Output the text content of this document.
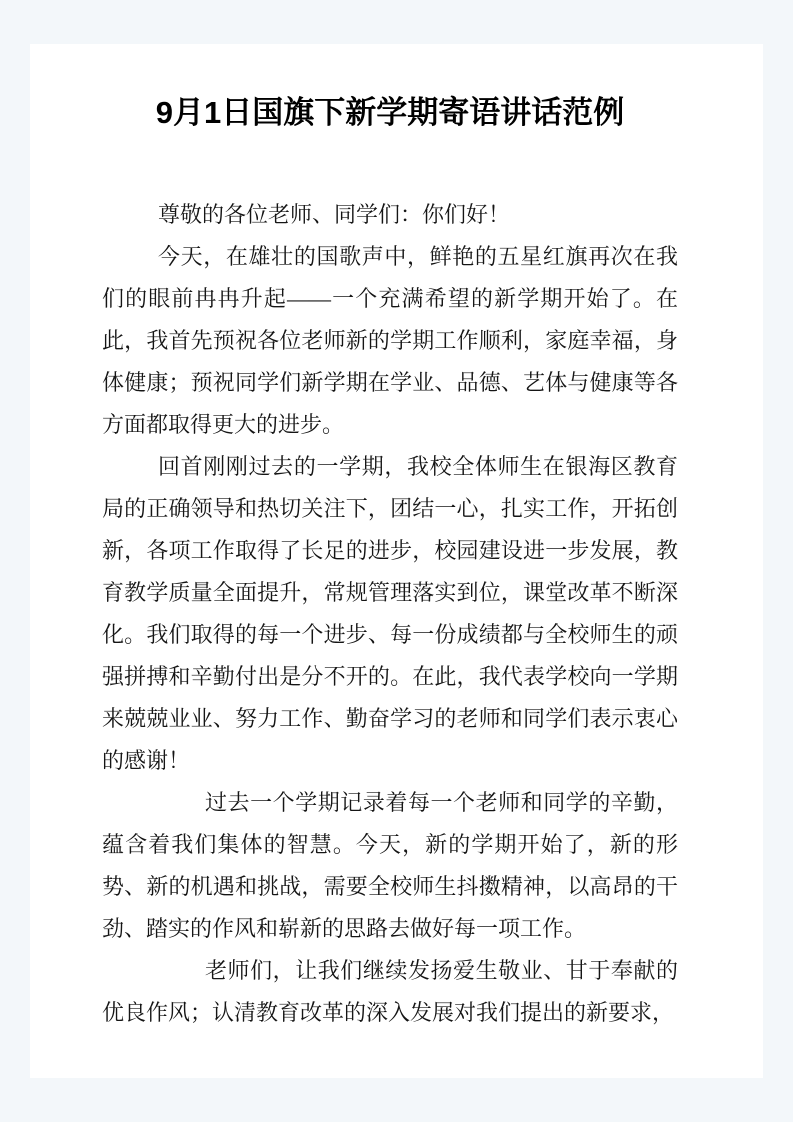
9月1日国旗下新学期寄语讲话范例

尊敬的各位老师、同学们：你们好！

今天，在雄壮的国歌声中，鲜艳的五星红旗再次在我们的眼前冉冉升起——一个充满希望的新学期开始了。在此，我首先预祝各位老师新的学期工作顺利，家庭幸福，身体健康；预祝同学们新学期在学业、品德、艺体与健康等各方面都取得更大的进步。

回首刚刚过去的一学期，我校全体师生在银海区教育局的正确领导和热切关注下，团结一心，扎实工作，开拓创新，各项工作取得了长足的进步，校园建设进一步发展，教育教学质量全面提升，常规管理落实到位，课堂改革不断深化。我们取得的每一个进步、每一份成绩都与全校师生的顽强拼搏和辛勤付出是分不开的。在此，我代表学校向一学期来兢兢业业、努力工作、勤奋学习的老师和同学们表示衷心的感谢！

过去一个学期记录着每一个老师和同学的辛勤，蕴含着我们集体的智慧。今天，新的学期开始了，新的形势、新的机遇和挑战，需要全校师生抖擞精神，以高昂的干劲、踏实的作风和崭新的思路去做好每一项工作。

老师们，让我们继续发扬爱生敬业、甘于奉献的优良作风；认清教育改革的深入发展对我们提出的新要求，
